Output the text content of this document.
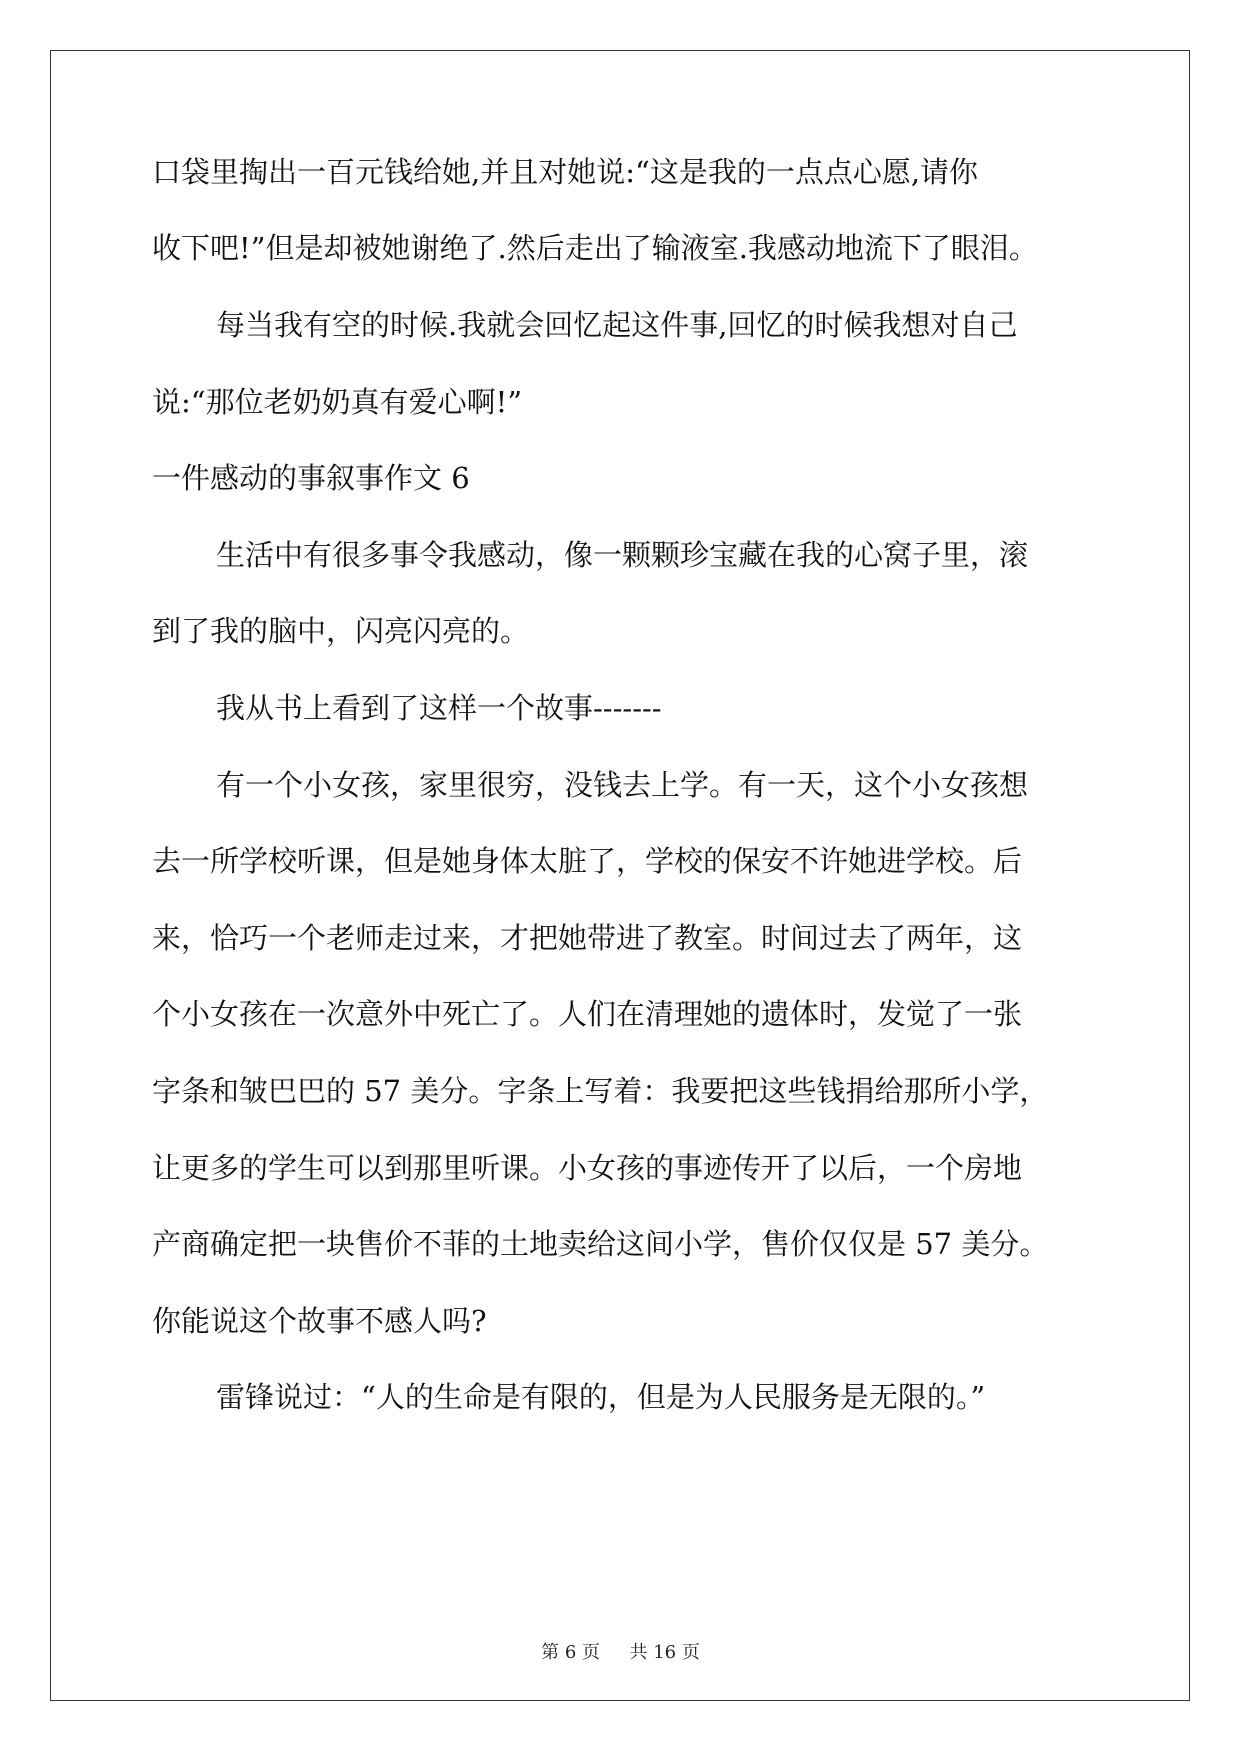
口袋里掏出一百元钱给她,并且对她说:“这是我的一点点心愿,请你
收下吧!”但是却被她谢绝了.然后走出了输液室.我感动地流下了眼泪。
每当我有空的时候.我就会回忆起这件事,回忆的时候我想对自己
说:“那位老奶奶真有爱心啊!”
一件感动的事叙事作文 6
生活中有很多事令我感动，像一颗颗珍宝藏在我的心窝子里，滚
到了我的脑中，闪亮闪亮的。
我从书上看到了这样一个故事-------
有一个小女孩，家里很穷，没钱去上学。有一天，这个小女孩想
去一所学校听课，但是她身体太脏了，学校的保安不许她进学校。后
来，恰巧一个老师走过来，才把她带进了教室。时间过去了两年，这
个小女孩在一次意外中死亡了。人们在清理她的遗体时，发觉了一张
字条和皱巴巴的 57 美分。字条上写着：我要把这些钱捐给那所小学，
让更多的学生可以到那里听课。小女孩的事迹传开了以后，一个房地
产商确定把一块售价不菲的土地卖给这间小学，售价仅仅是 57 美分。
你能说这个故事不感人吗?
雷锋说过：“人的生命是有限的，但是为人民服务是无限的。”
第 6 页 共 16 页
